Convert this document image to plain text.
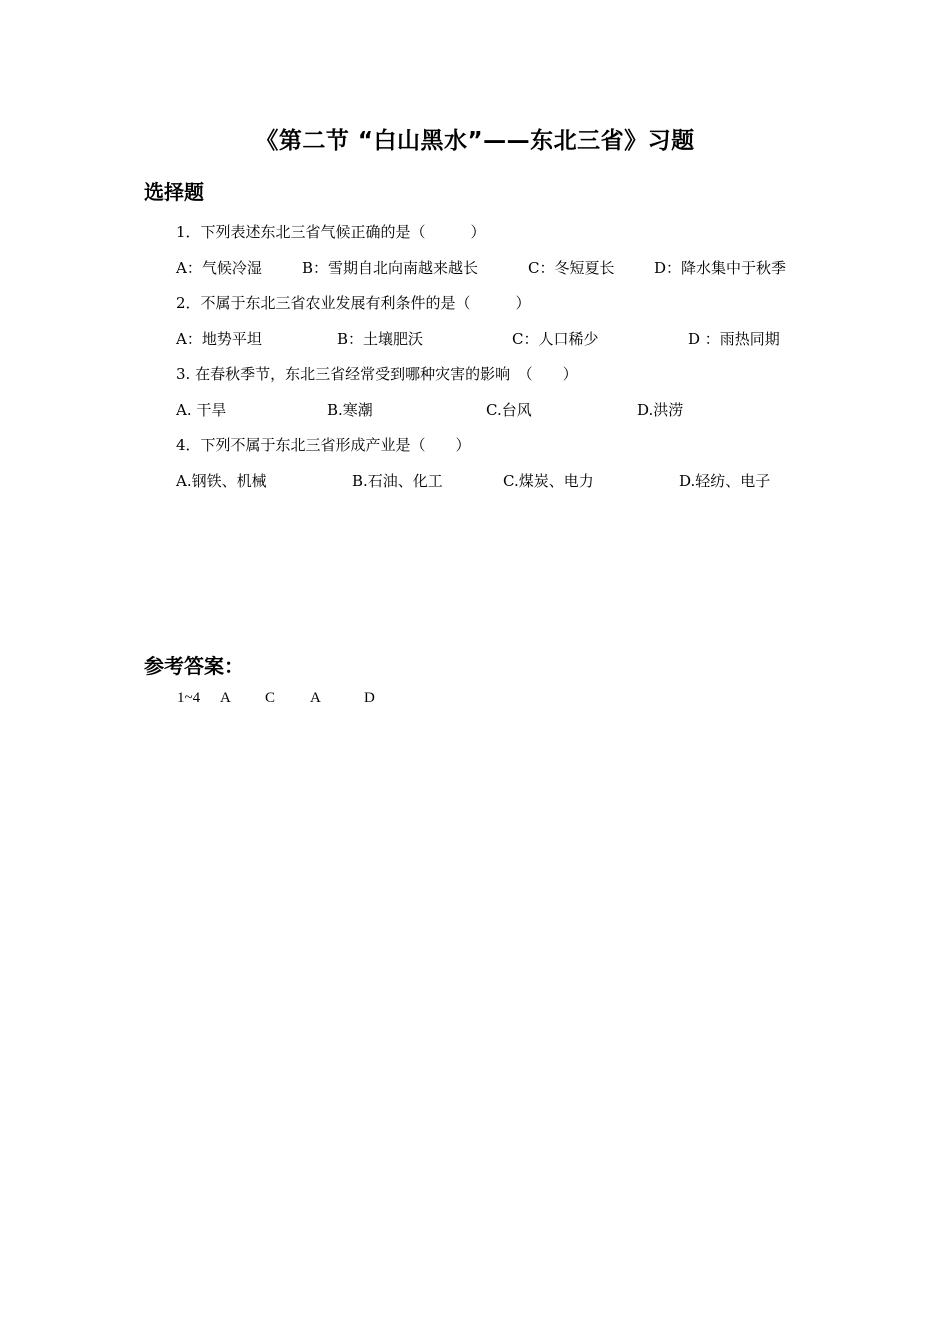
《第二节 “白山黑水”——东北三省》习题
选择题
1．下列表述东北三省气候正确的是（　　　）
A：气候冷湿	B：雪期自北向南越来越长	C：冬短夏长	D：降水集中于秋季
2．不属于东北三省农业发展有利条件的是（　　　）
A：地势平坦	B：土壤肥沃	C：人口稀少	D ：雨热同期
3. 在春秋季节，东北三省经常受到哪种灾害的影响　（　　）
A. 干旱	B.寒潮	C.台风	D.洪涝
4．下列不属于东北三省形成产业是（　　）
A.钢铁、机械	B.石油、化工	C.煤炭、电力	D.轻纺、电子
参考答案：
1~4 A C A	D
